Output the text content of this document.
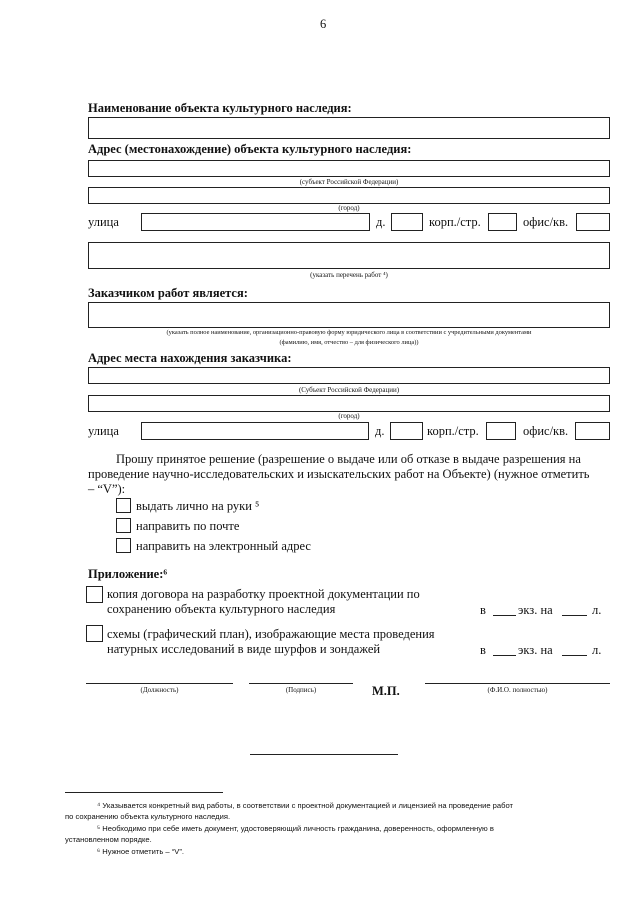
6
Наименование объекта культурного наследия:
Адрес (местонахождение) объекта культурного наследия:
(субъект Российской Федерации)
(город)
улица	д.	корп./стр.	офис/кв.
(указать перечень работ ⁴)
Заказчиком работ является:
(указать полное наименование, организационно-правовую форму юридического лица в соответствии с учредительными документами
(фамилию, имя, отчество – для физического лица))
Адрес места нахождения заказчика:
(Субъект Российской Федерации)
(город)
улица	д.	корп./стр.	офис/кв.
Прошу принятое решение (разрешение о выдаче или об отказе в выдаче разрешения на
проведение научно-исследовательских и изыскательских работ на Объекте) (нужное отметить
– “V”):
выдать лично на руки ⁵
направить по почте
направить на электронный адрес
Приложение:⁶
копия договора на разработку проектной документации по
сохранению объекта культурного наследия	в	экз. на	л.
схемы (графический план), изображающие места проведения
натурных исследований в виде шурфов и зондажей	в	экз. на	л.
(Должность)	(Подпись)	М.П.	(Ф.И.О. полностью)
⁴ Указывается конкретный вид работы, в соответствии с проектной документацией и лицензией на проведение работ
по сохранению объекта культурного наследия.
⁵ Необходимо при себе иметь документ, удостоверяющий личность гражданина, доверенность, оформленную в
установленном порядке.
⁶ Нужное отметить – “V”.
